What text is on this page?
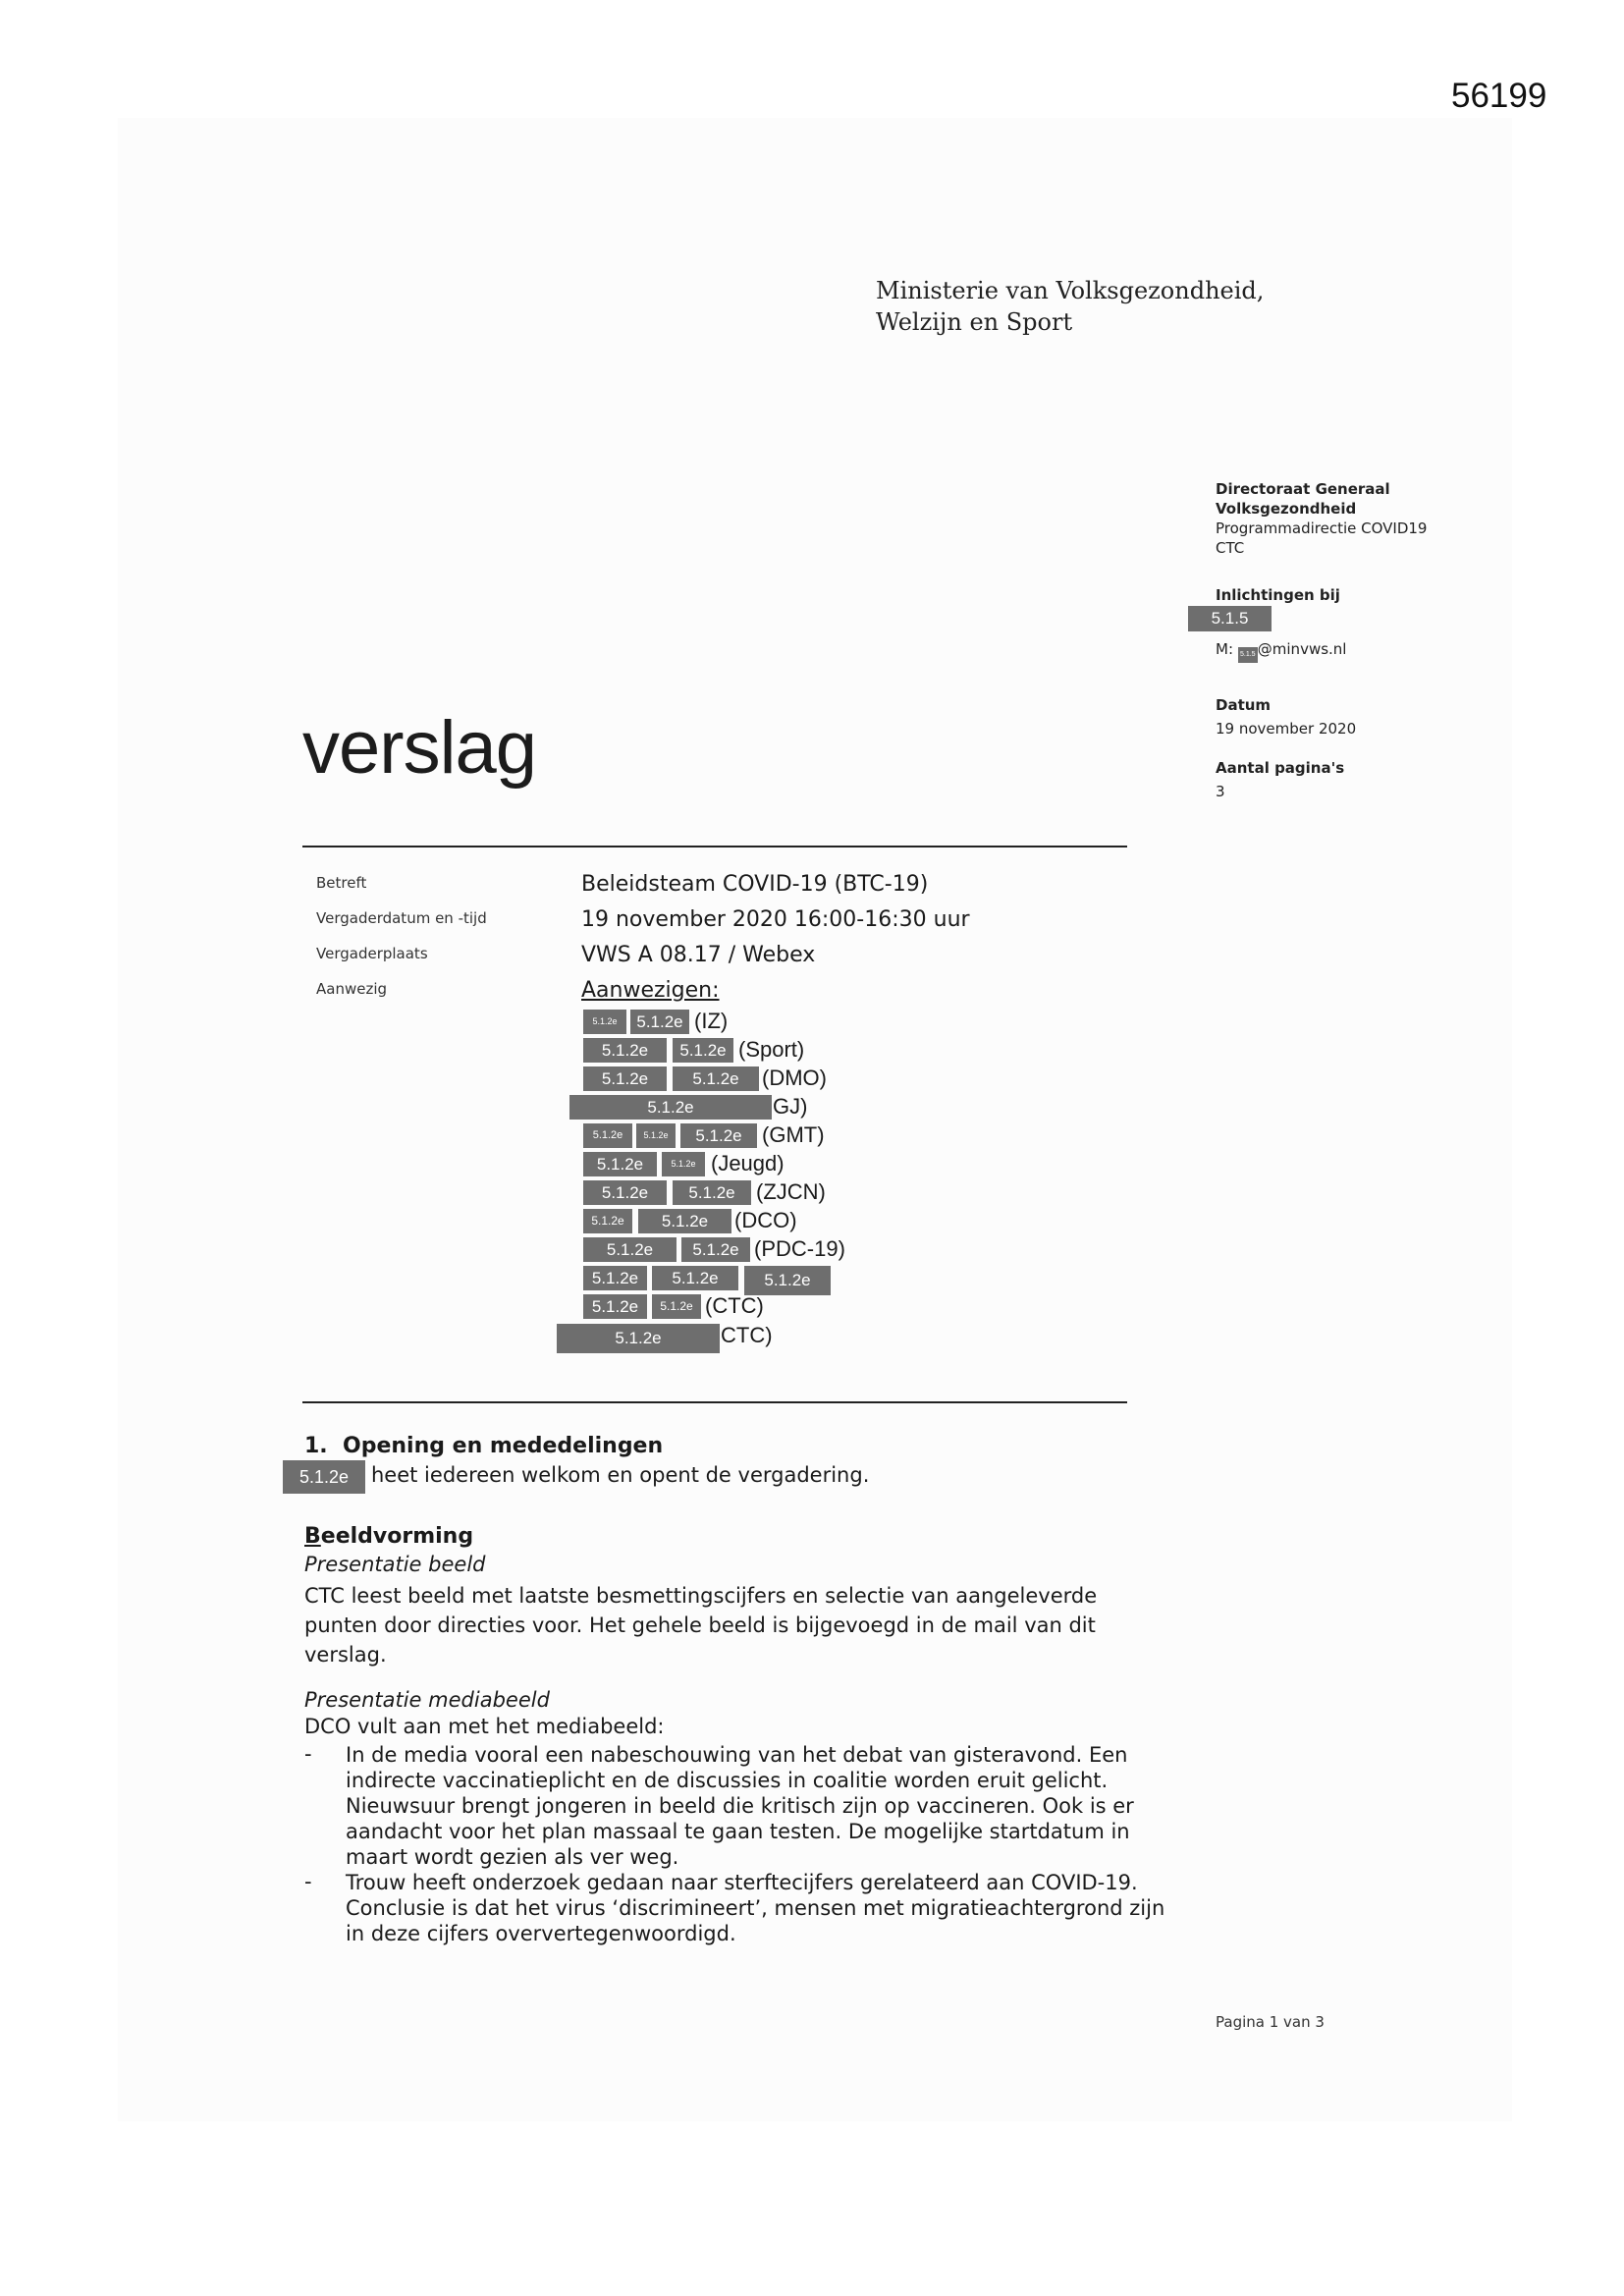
56199
Ministerie van Volksgezondheid,
Welzijn en Sport
Directoraat Generaal
Volksgezondheid
Programmadirectie COVID19
CTC
Inlichtingen bij
5.1.5
M: 5.1.5 @minvws.nl
Datum
19 november 2020
Aantal pagina's
3
verslag
Betreft	Beleidsteam COVID-19 (BTC-19)
Vergaderdatum en -tijd	19 november 2020 16:00-16:30 uur
Vergaderplaats	VWS A 08.17 / Webex
Aanwezig	Aanwezigen:
5.1.2e	5.1.2e (IZ)
5.1.2e	5.1.2e (Sport)
5.1.2e	5.1.2e	(DMO)
5.1.2e	GJ)
5.1.2e	5.1.2e	5.1.2e (GMT)
5.1.2e	5.1.2e (Jeugd)
5.1.2e	5.1.2e (ZJCN)
5.1.2e	5.1.2e	(DCO)
5.1.2e	5.1.2e (PDC-19)
5.1.2e	5.1.2e	5.1.2e
5.1.2e	5.1.2e (CTC)
5.1.2e	CTC)
1. Opening en mededelingen
5.1.2e	heet iedereen welkom en opent de vergadering.
Beeldvorming
Presentatie beeld
CTC leest beeld met laatste besmettingscijfers en selectie van aangeleverde
punten door directies voor. Het gehele beeld is bijgevoegd in de mail van dit
verslag.
Presentatie mediabeeld
DCO vult aan met het mediabeeld:
- In de media vooral een nabeschouwing van het debat van gisteravond. Een
indirecte vaccinatieplicht en de discussies in coalitie worden eruit gelicht.
Nieuwsuur brengt jongeren in beeld die kritisch zijn op vaccineren. Ook is er
aandacht voor het plan massaal te gaan testen. De mogelijke startdatum in
maart wordt gezien als ver weg.
- Trouw heeft onderzoek gedaan naar sterftecijfers gerelateerd aan COVID-19.
Conclusie is dat het virus ‘discrimineert’, mensen met migratieachtergrond zijn
in deze cijfers oververtegenwoordigd.
Pagina 1 van 3
